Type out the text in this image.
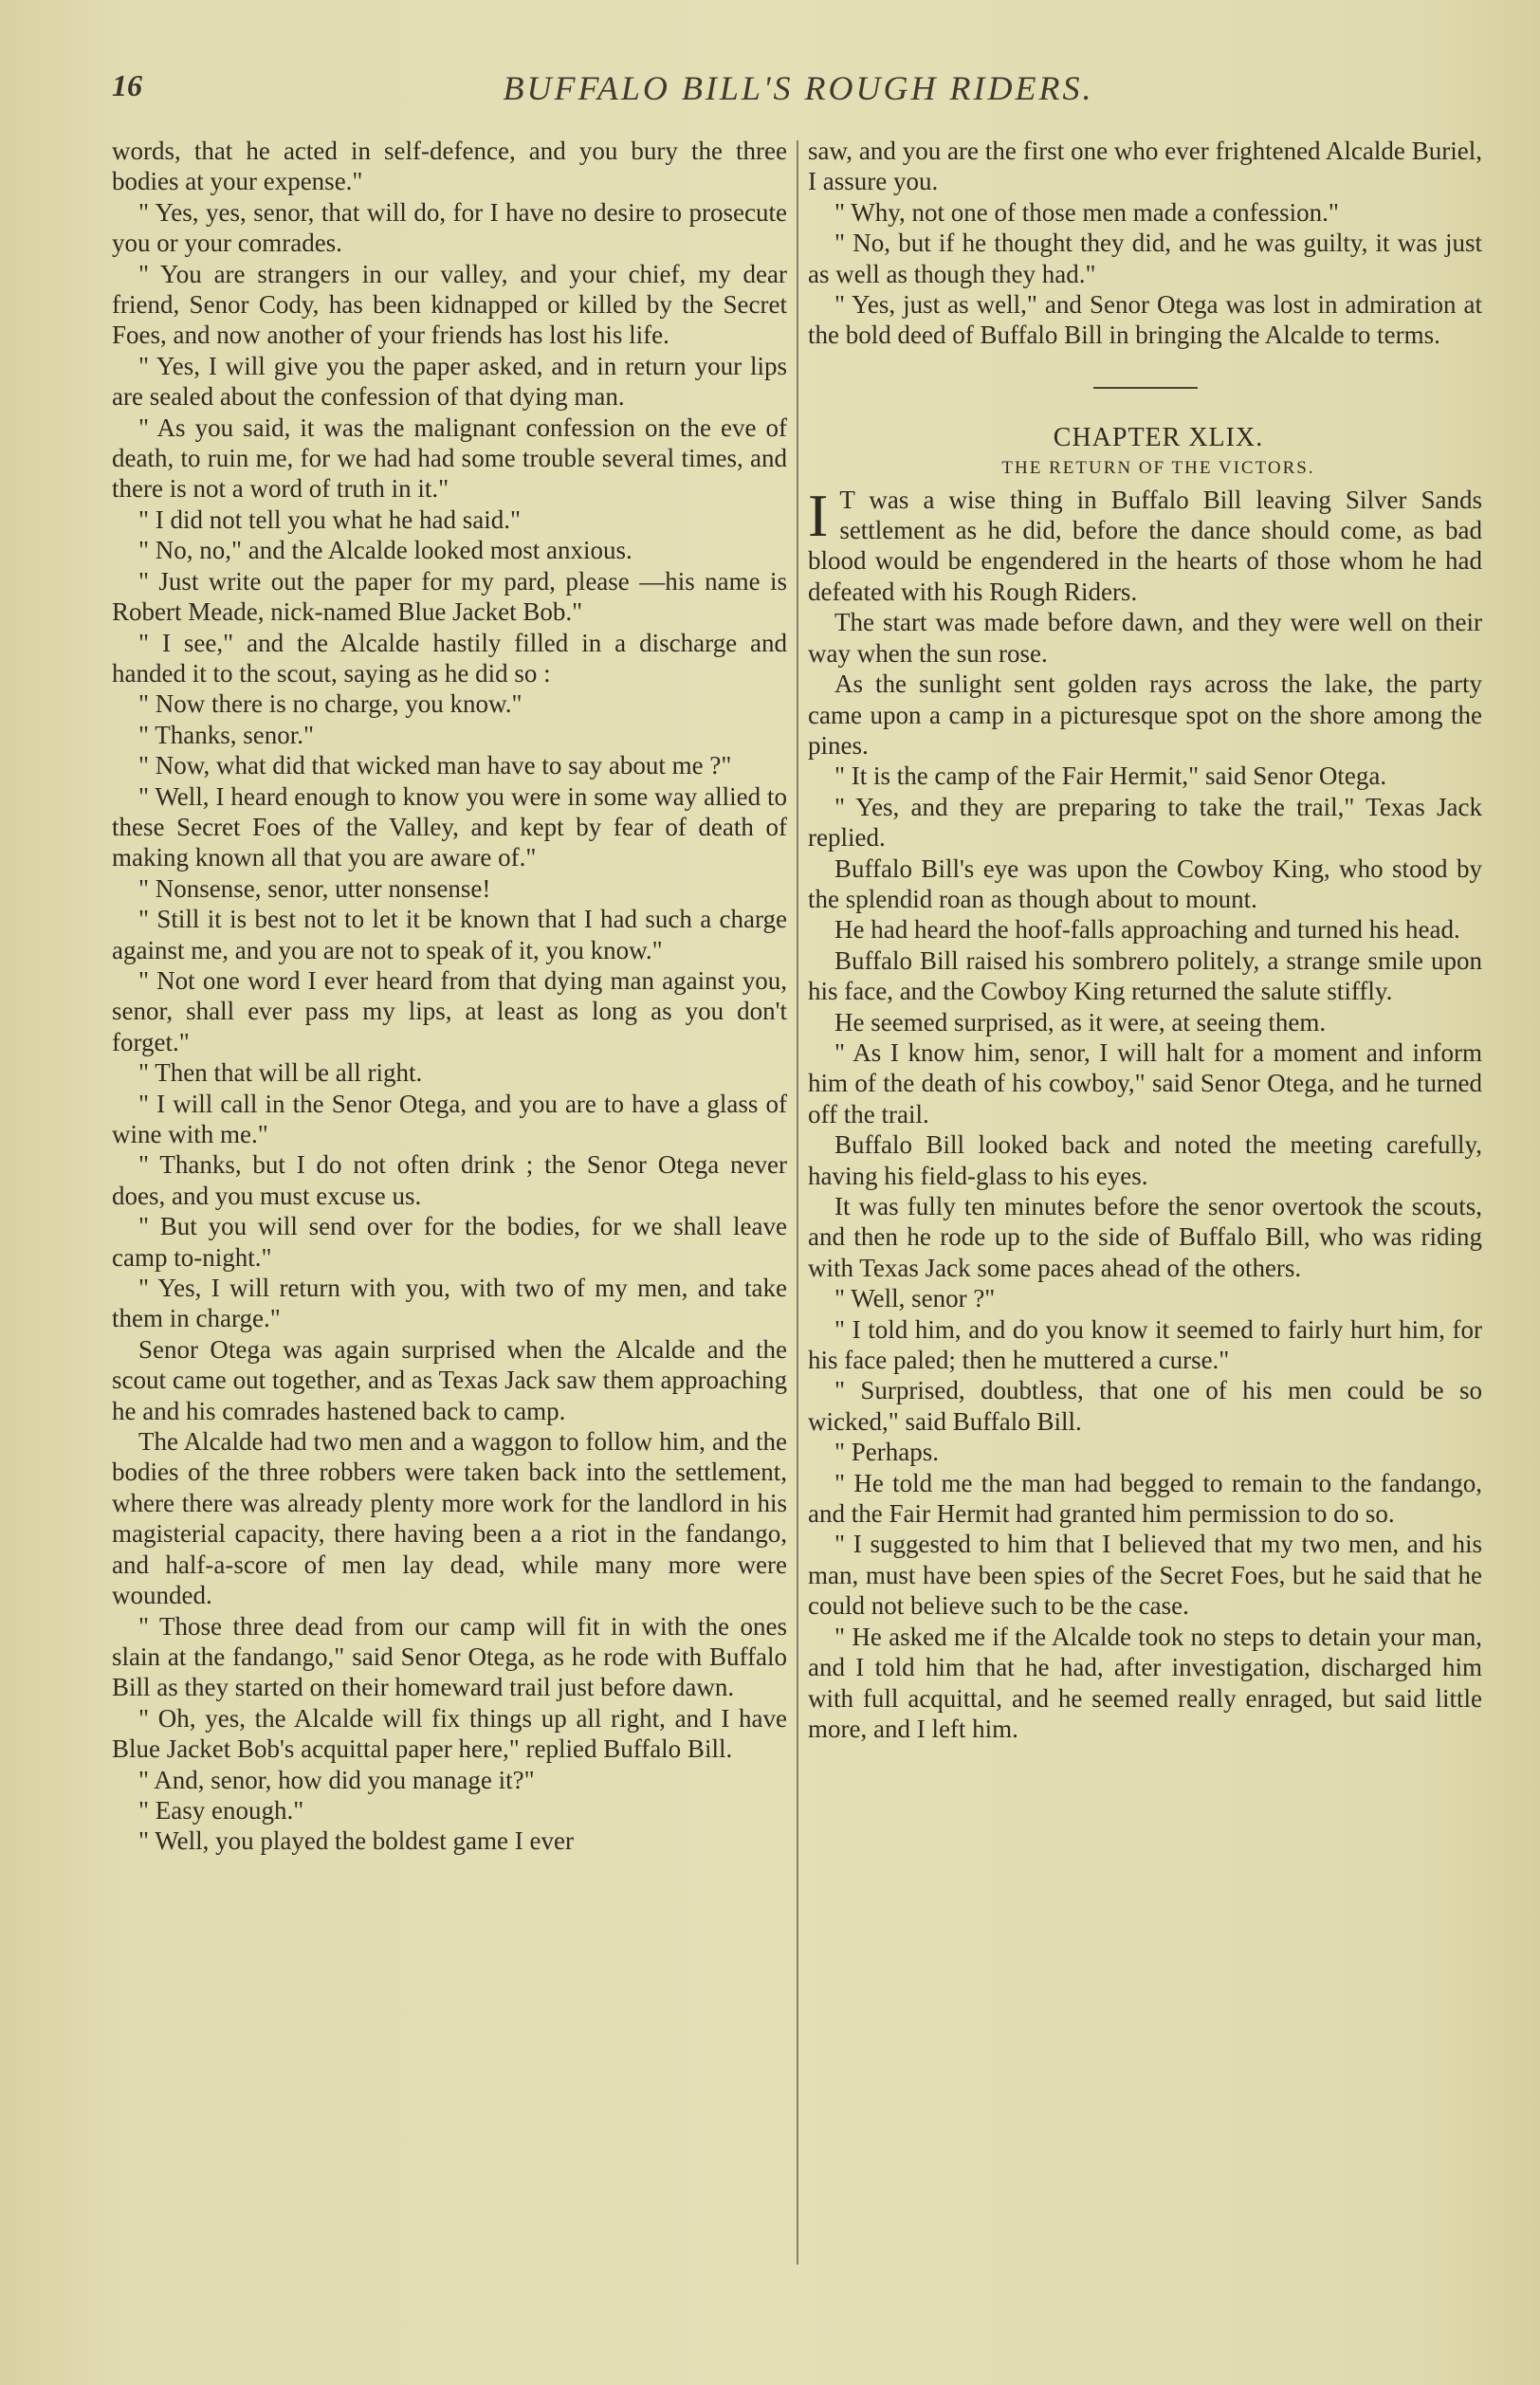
16	BUFFALO BILL'S ROUGH RIDERS.

words, that he acted in self-defence, and you bury the three bodies at your expense."

" Yes, yes, senor, that will do, for I have no desire to prosecute you or your comrades.

" You are strangers in our valley, and your chief, my dear friend, Senor Cody, has been kidnapped or killed by the Secret Foes, and now another of your friends has lost his life.

" Yes, I will give you the paper asked, and in return your lips are sealed about the confession of that dying man.

" As you said, it was the malignant confession on the eve of death, to ruin me, for we had had some trouble several times, and there is not a word of truth in it."

" I did not tell you what he had said."

" No, no," and the Alcalde looked most anxious.

" Just write out the paper for my pard, please —his name is Robert Meade, nick-named Blue Jacket Bob."

" I see," and the Alcalde hastily filled in a discharge and handed it to the scout, saying as he did so :

" Now there is no charge, you know."

" Thanks, senor."

" Now, what did that wicked man have to say about me ?"

" Well, I heard enough to know you were in some way allied to these Secret Foes of the Valley, and kept by fear of death of making known all that you are aware of."

" Nonsense, senor, utter nonsense!

" Still it is best not to let it be known that I had such a charge against me, and you are not to speak of it, you know."

" Not one word I ever heard from that dying man against you, senor, shall ever pass my lips, at least as long as you don't forget."

" Then that will be all right.

" I will call in the Senor Otega, and you are to have a glass of wine with me."

" Thanks, but I do not often drink ; the Senor Otega never does, and you must excuse us.

" But you will send over for the bodies, for we shall leave camp to-night."

" Yes, I will return with you, with two of my men, and take them in charge."

Senor Otega was again surprised when the Alcalde and the scout came out together, and as Texas Jack saw them approaching he and his comrades hastened back to camp.

The Alcalde had two men and a waggon to follow him, and the bodies of the three robbers were taken back into the settlement, where there was already plenty more work for the landlord in his magisterial capacity, there having been a a riot in the fandango, and half-a-score of men lay dead, while many more were wounded.

" Those three dead from our camp will fit in with the ones slain at the fandango," said Senor Otega, as he rode with Buffalo Bill as they started on their homeward trail just before dawn.

" Oh, yes, the Alcalde will fix things up all right, and I have Blue Jacket Bob's acquittal paper here," replied Buffalo Bill.

" And, senor, how did you manage it?"

" Easy enough."

" Well, you played the boldest game I ever

saw, and you are the first one who ever frightened Alcalde Buriel, I assure you.

" Why, not one of those men made a confession."

" No, but if he thought they did, and he was guilty, it was just as well as though they had."

" Yes, just as well," and Senor Otega was lost in admiration at the bold deed of Buffalo Bill in bringing the Alcalde to terms.

CHAPTER XLIX.

THE RETURN OF THE VICTORS.

I T was a wise thing in Buffalo Bill leaving Silver Sands settlement as he did, before the dance should come, as bad blood would be engendered in the hearts of those whom he had defeated with his Rough Riders.

The start was made before dawn, and they were well on their way when the sun rose.

As the sunlight sent golden rays across the lake, the party came upon a camp in a picturesque spot on the shore among the pines.

" It is the camp of the Fair Hermit," said Senor Otega.

" Yes, and they are preparing to take the trail," Texas Jack replied.

Buffalo Bill's eye was upon the Cowboy King, who stood by the splendid roan as though about to mount.

He had heard the hoof-falls approaching and turned his head.

Buffalo Bill raised his sombrero politely, a strange smile upon his face, and the Cowboy King returned the salute stiffly.

He seemed surprised, as it were, at seeing them.

" As I know him, senor, I will halt for a moment and inform him of the death of his cowboy," said Senor Otega, and he turned off the trail.

Buffalo Bill looked back and noted the meeting carefully, having his field-glass to his eyes.

It was fully ten minutes before the senor overtook the scouts, and then he rode up to the side of Buffalo Bill, who was riding with Texas Jack some paces ahead of the others.

" Well, senor ?"

" I told him, and do you know it seemed to fairly hurt him, for his face paled; then he muttered a curse."

" Surprised, doubtless, that one of his men could be so wicked," said Buffalo Bill.

" Perhaps.

" He told me the man had begged to remain to the fandango, and the Fair Hermit had granted him permission to do so.

" I suggested to him that I believed that my two men, and his man, must have been spies of the Secret Foes, but he said that he could not believe such to be the case.

" He asked me if the Alcalde took no steps to detain your man, and I told him that he had, after investigation, discharged him with full acquittal, and he seemed really enraged, but said little more, and I left him.
